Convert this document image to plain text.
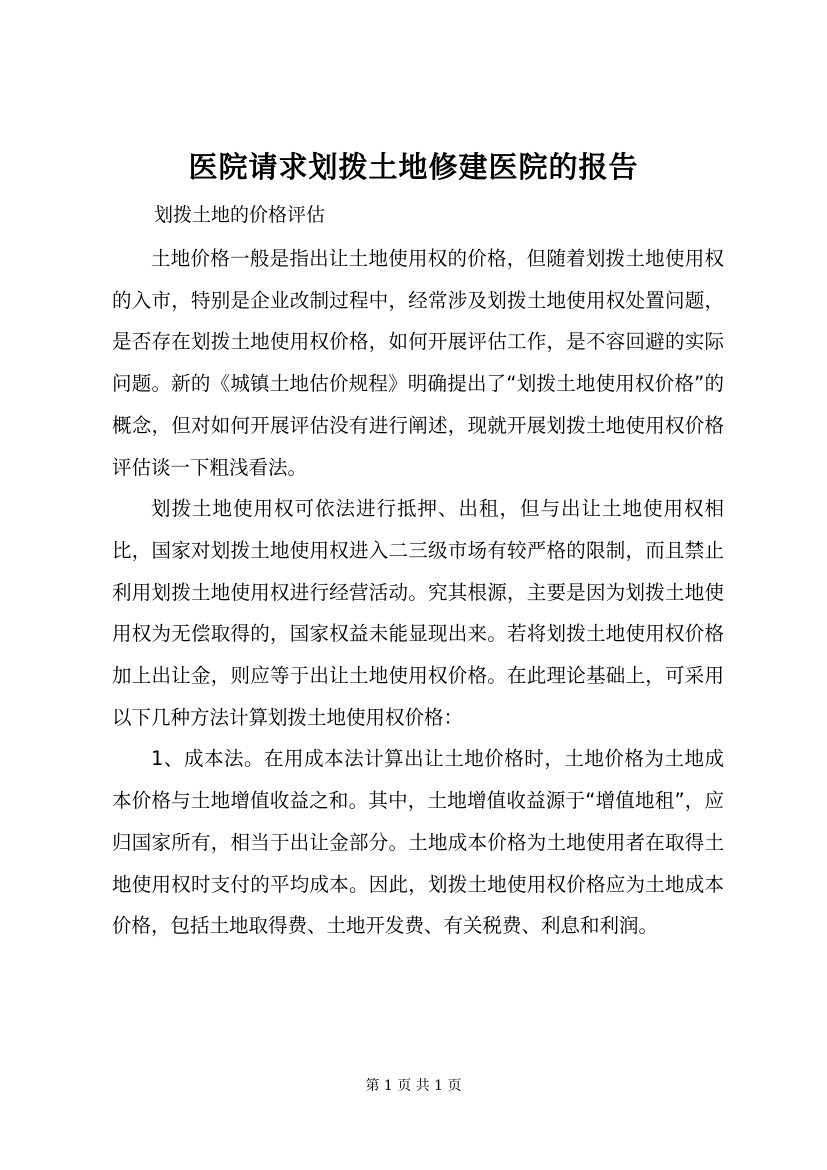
医院请求划拨土地修建医院的报告

划拨土地的价格评估

土地价格一般是指出让土地使用权的价格，但随着划拨土地使用权的入市，特别是企业改制过程中，经常涉及划拨土地使用权处置问题，是否存在划拨土地使用权价格，如何开展评估工作，是不容回避的实际问题。新的《城镇土地估价规程》明确提出了“划拨土地使用权价格”的概念，但对如何开展评估没有进行阐述，现就开展划拨土地使用权价格评估谈一下粗浅看法。

划拨土地使用权可依法进行抵押、出租，但与出让土地使用权相比，国家对划拨土地使用权进入二三级市场有较严格的限制，而且禁止利用划拨土地使用权进行经营活动。究其根源，主要是因为划拨土地使用权为无偿取得的，国家权益未能显现出来。若将划拨土地使用权价格加上出让金，则应等于出让土地使用权价格。在此理论基础上，可采用以下几种方法计算划拨土地使用权价格：

1、成本法。在用成本法计算出让土地价格时，土地价格为土地成本价格与土地增值收益之和。其中，土地增值收益源于“增值地租”，应归国家所有，相当于出让金部分。土地成本价格为土地使用者在取得土地使用权时支付的平均成本。因此，划拨土地使用权价格应为土地成本价格，包括土地取得费、土地开发费、有关税费、利息和利润。

第 1 页 共 1 页
